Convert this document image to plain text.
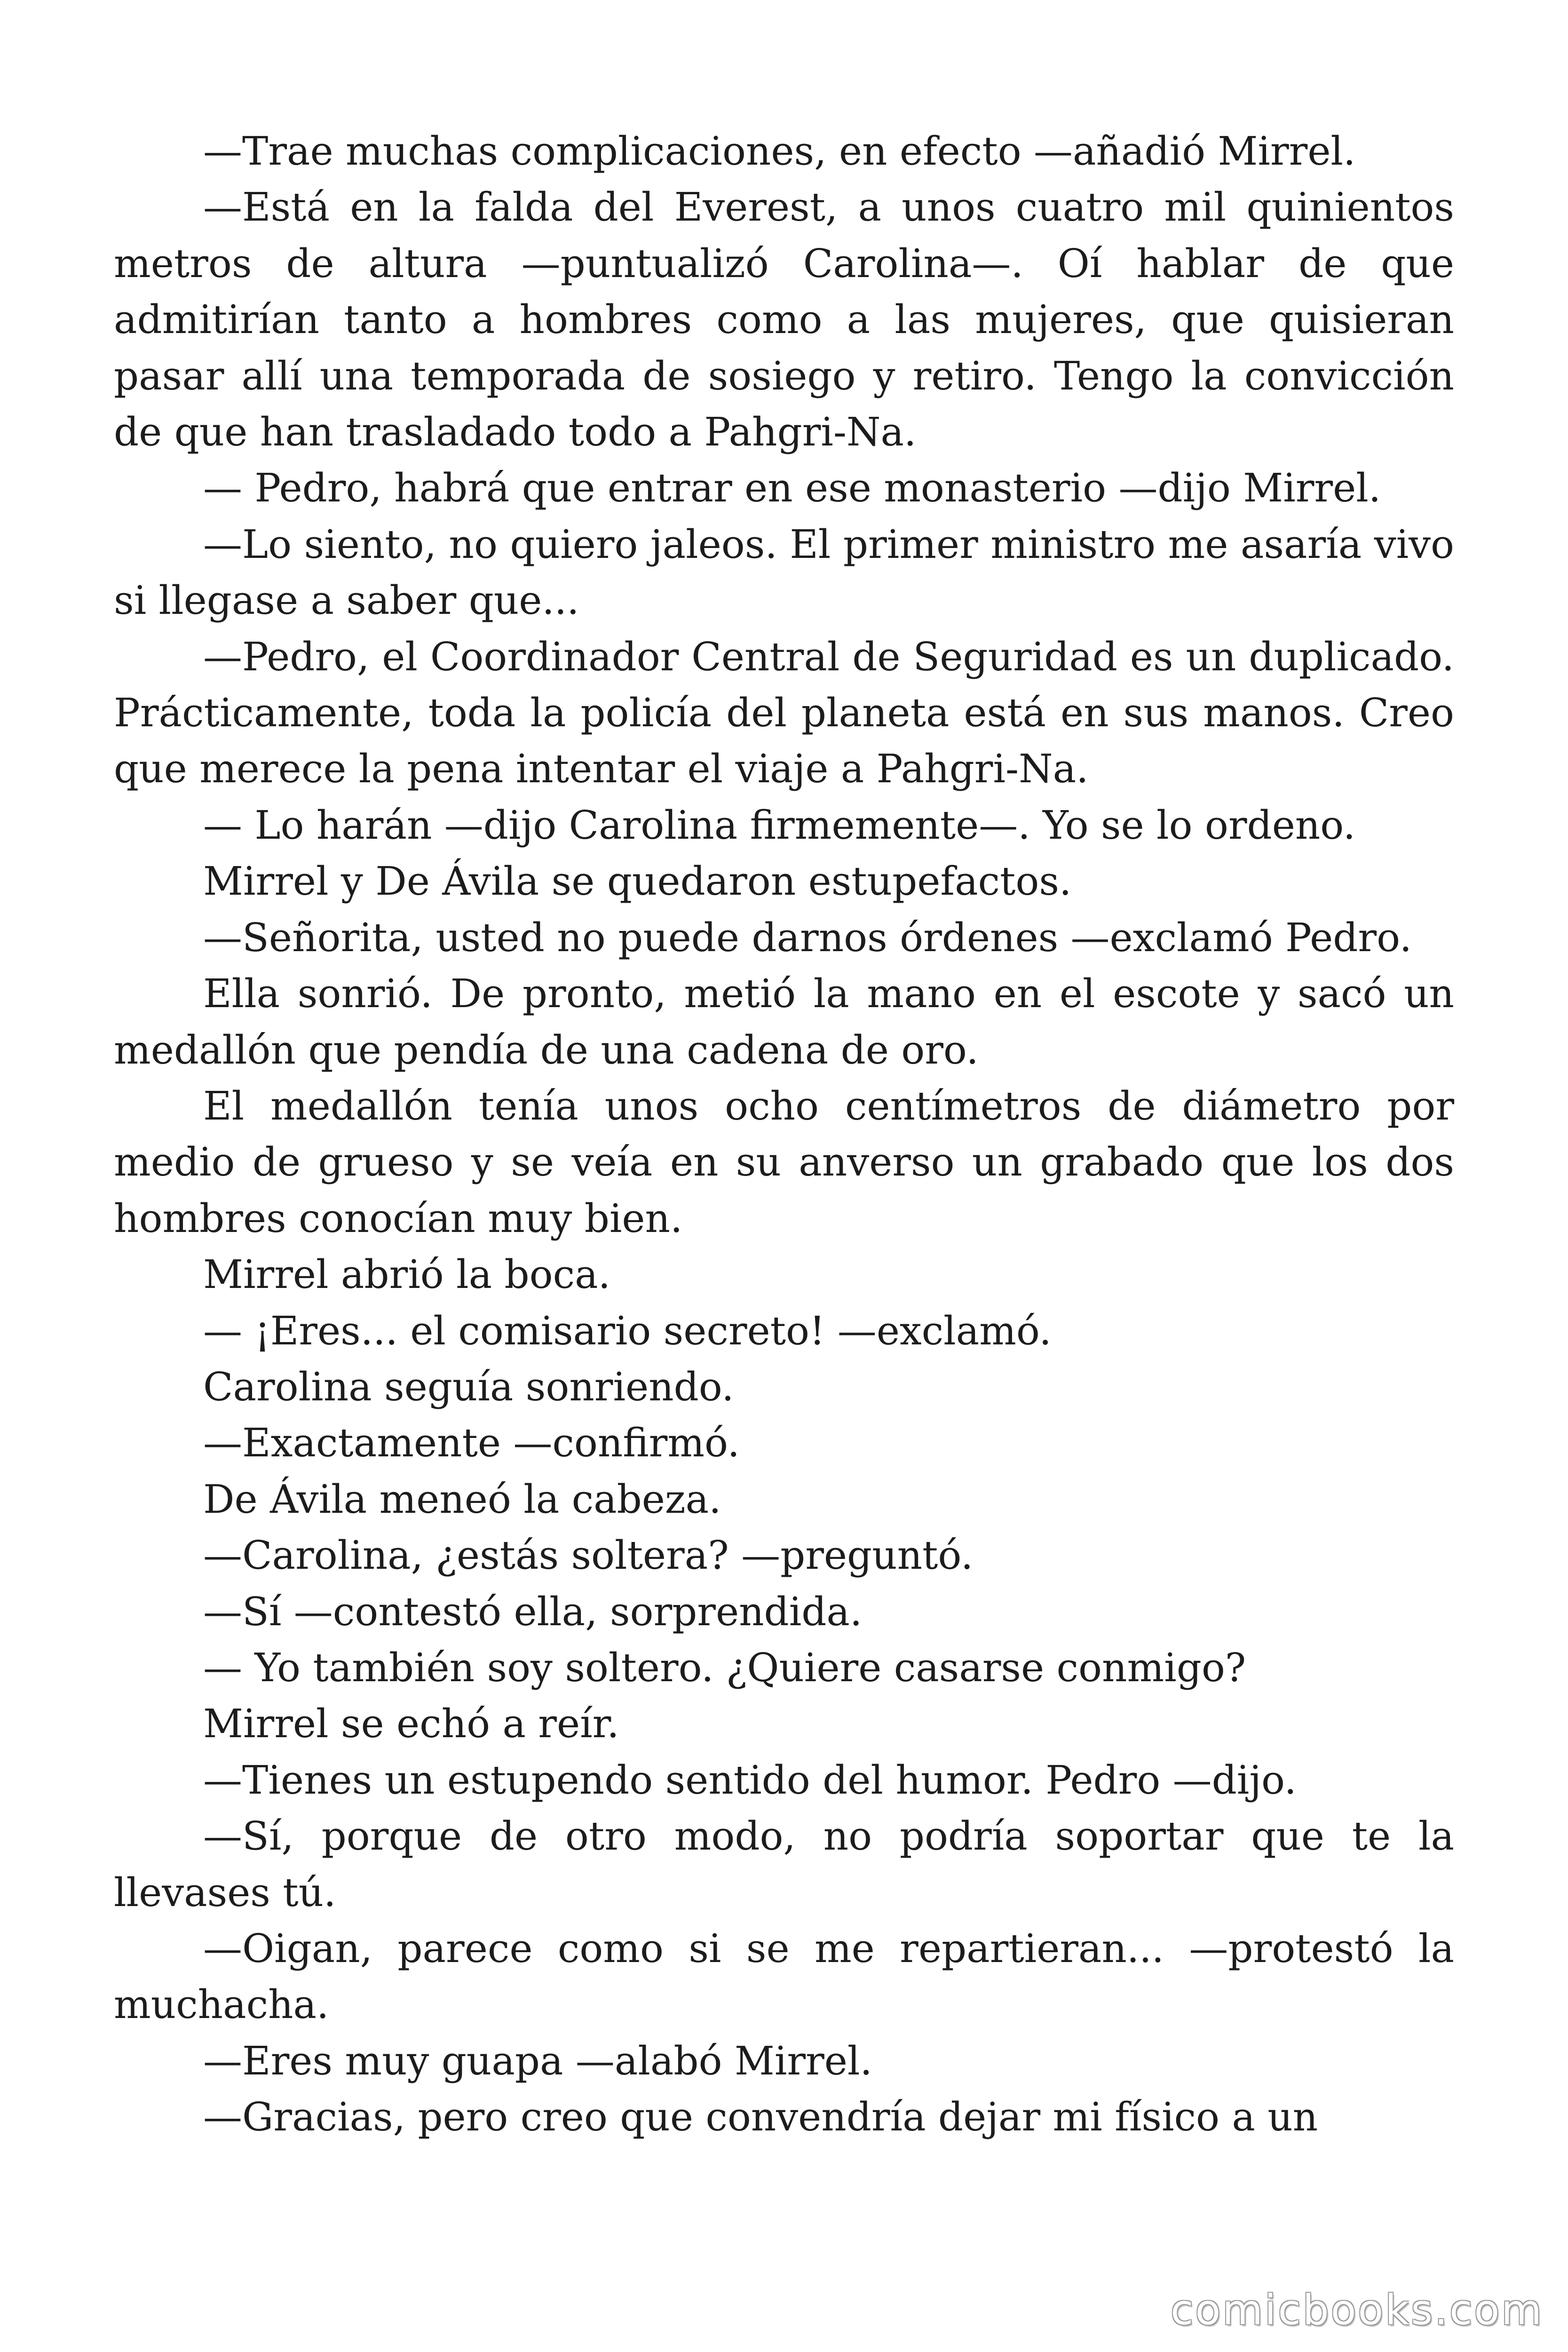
—Trae muchas complicaciones, en efecto —añadió Mirrel.

—Está en la falda del Everest, a unos cuatro mil quinientos metros de altura —puntualizó Carolina—. Oí hablar de que admitirían tanto a hombres como a las mujeres, que quisieran pasar allí una temporada de sosiego y retiro. Tengo la convicción de que han trasladado todo a Pahgri-Na.

— Pedro, habrá que entrar en ese monasterio —dijo Mirrel.

—Lo siento, no quiero jaleos. El primer ministro me asaría vivo si llegase a saber que...

—Pedro, el Coordinador Central de Seguridad es un duplicado. Prácticamente, toda la policía del planeta está en sus manos. Creo que merece la pena intentar el viaje a Pahgri-Na.

— Lo harán —dijo Carolina firmemente—. Yo se lo ordeno.

Mirrel y De Ávila se quedaron estupefactos.

—Señorita, usted no puede darnos órdenes —exclamó Pedro.

Ella sonrió. De pronto, metió la mano en el escote y sacó un medallón que pendía de una cadena de oro.

El medallón tenía unos ocho centímetros de diámetro por medio de grueso y se veía en su anverso un grabado que los dos hombres conocían muy bien.

Mirrel abrió la boca.

— ¡Eres... el comisario secreto! —exclamó.

Carolina seguía sonriendo.

—Exactamente —confirmó.

De Ávila meneó la cabeza.

—Carolina, ¿estás soltera? —preguntó.

—Sí —contestó ella, sorprendida.

— Yo también soy soltero. ¿Quiere casarse conmigo?

Mirrel se echó a reír.

—Tienes un estupendo sentido del humor. Pedro —dijo.

—Sí, porque de otro modo, no podría soportar que te la llevases tú.

—Oigan, parece como si se me repartieran... —protestó la muchacha.

—Eres muy guapa —alabó Mirrel.

—Gracias, pero creo que convendría dejar mi físico a un

comicbooks.com
